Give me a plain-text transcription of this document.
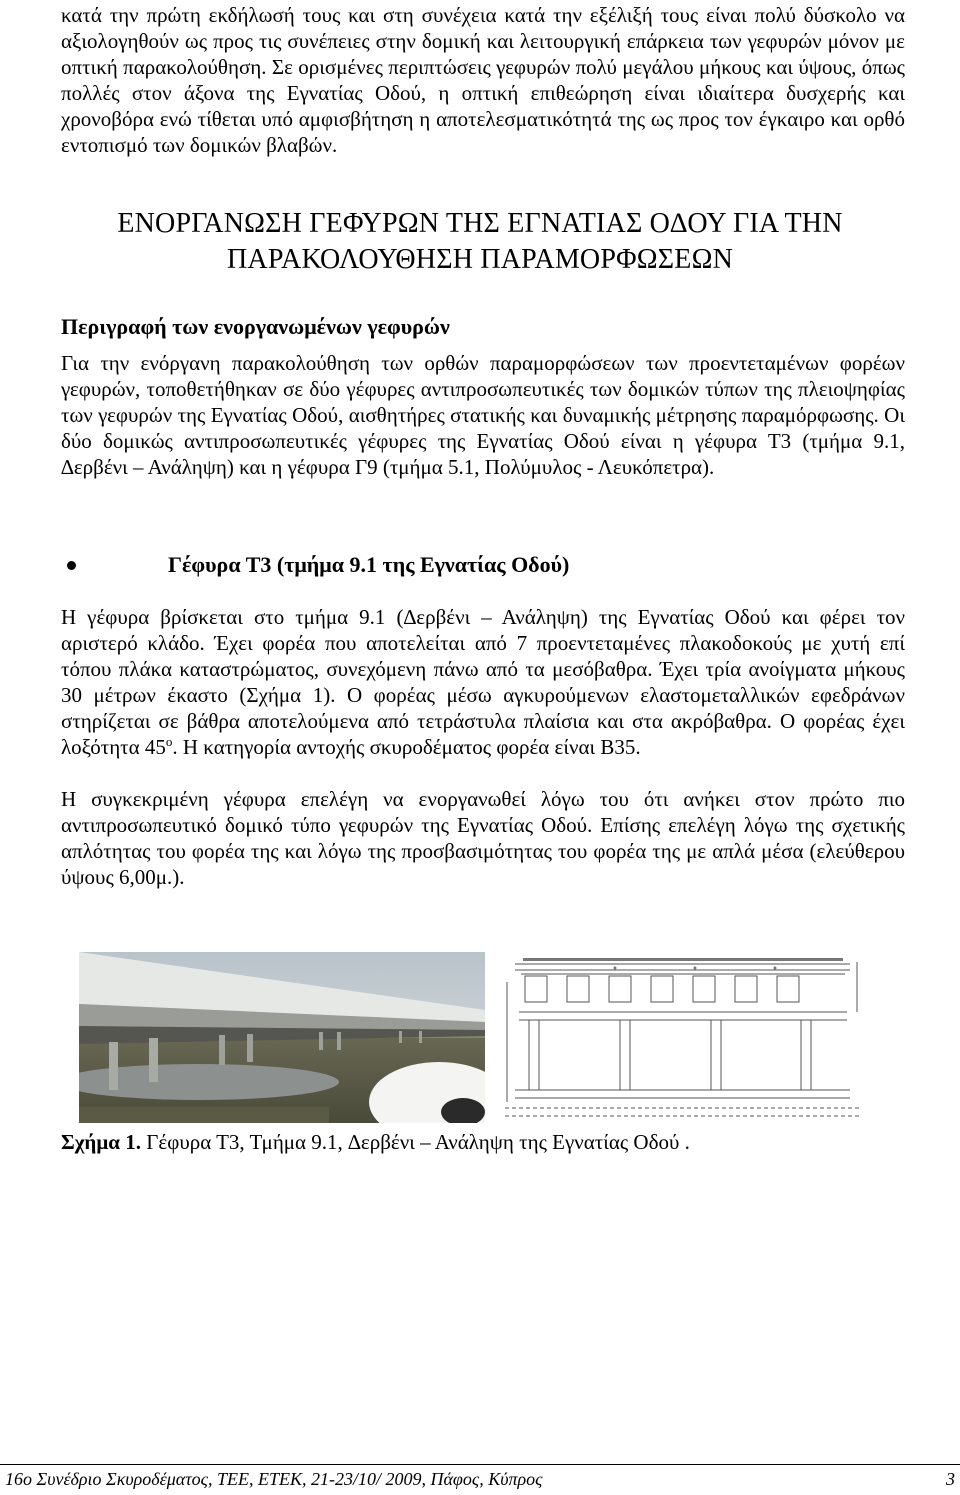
κατά την πρώτη εκδήλωσή τους και στη συνέχεια κατά την εξέλιξή τους είναι πολύ δύσκολο να αξιολογηθούν ως προς τις συνέπειες στην δομική και λειτουργική επάρκεια των γεφυρών μόνον με οπτική παρακολούθηση. Σε ορισμένες περιπτώσεις γεφυρών πολύ μεγάλου μήκους και ύψους, όπως πολλές στον άξονα της Εγνατίας Οδού, η οπτική επιθεώρηση είναι ιδιαίτερα δυσχερής και χρονοβόρα ενώ τίθεται υπό αμφισβήτηση η αποτελεσματικότητά της ως προς τον έγκαιρο και ορθό εντοπισμό των δομικών βλαβών.

ΕΝΟΡΓΑΝΩΣΗ ΓΕΦΥΡΩΝ ΤΗΣ ΕΓΝΑΤΙΑΣ Ο∆ΟΥ ΓΙΑ ΤΗΝ
ΠΑΡΑΚΟΛΟΥΘΗΣΗ ΠΑΡΑΜΟΡΦΩΣΕΩΝ
Περιγραφή των ενοργανωμένων γεφυρών

Για την ενόργανη παρακολούθηση των ορθών παραμορφώσεων των προεντεταμένων φορέων γεφυρών, τοποθετήθηκαν σε δύο γέφυρες αντιπροσωπευτικές των δομικών τύπων της πλειοψηφίας των γεφυρών της Εγνατίας Οδού, αισθητήρες στατικής και δυναμικής μέτρησης παραμόρφωσης. Οι δύο δομικώς αντιπροσωπευτικές γέφυρες της Εγνατίας Οδού είναι η γέφυρα Τ3 (τμήμα 9.1, ∆ερβένι – Ανάληψη) και η γέφυρα Γ9 (τμήμα 5.1, Πολύμυλος - Λευκόπετρα).

Γέφυρα Τ3 (τμήμα 9.1 της Εγνατίας Οδού)

Η γέφυρα βρίσκεται στο τμήμα 9.1 (∆ερβένι – Ανάληψη) της Εγνατίας Οδού και φέρει τον αριστερό κλάδο. Έχει φορέα που αποτελείται από 7 προεντεταμένες πλακοδοκούς με χυτή επί τόπου πλάκα καταστρώματος, συνεχόμενη πάνω από τα μεσόβαθρα. Έχει τρία ανοίγματα μήκους 30 μέτρων έκαστο (Σχήμα 1). Ο φορέας μέσω αγκυρούμενων ελαστομεταλλικών εφεδράνων στηρίζεται σε βάθρα αποτελούμενα από τετράστυλα πλαίσια και στα ακρόβαθρα. Ο φορέας έχει λοξότητα $45^o$. Η κατηγορία αντοχής σκυροδέματος φορέα είναι Β35.

Η συγκεκριμένη γέφυρα επελέγη να ενοργανωθεί λόγω του ότι ανήκει στον πρώτο πιο αντιπροσωπευτικό δομικό τύπο γεφυρών της Εγνατίας Οδού. Επίσης επελέγη λόγω της σχετικής απλότητας του φορέα της και λόγω της προσβασιμότητας του φορέα της με απλά μέσα (ελεύθερου ύψους 6,00μ.).

Σχήμα 1. Γέφυρα Τ3, Τμήμα 9.1, ∆ερβένι – Ανάληψη της Εγνατίας Οδού .
16ο Συνέδριο Σκυροδέματος, ΤΕΕ, ΕΤΕΚ, 21-23/10/ 2009, Πάφος, Κύπρος	3
